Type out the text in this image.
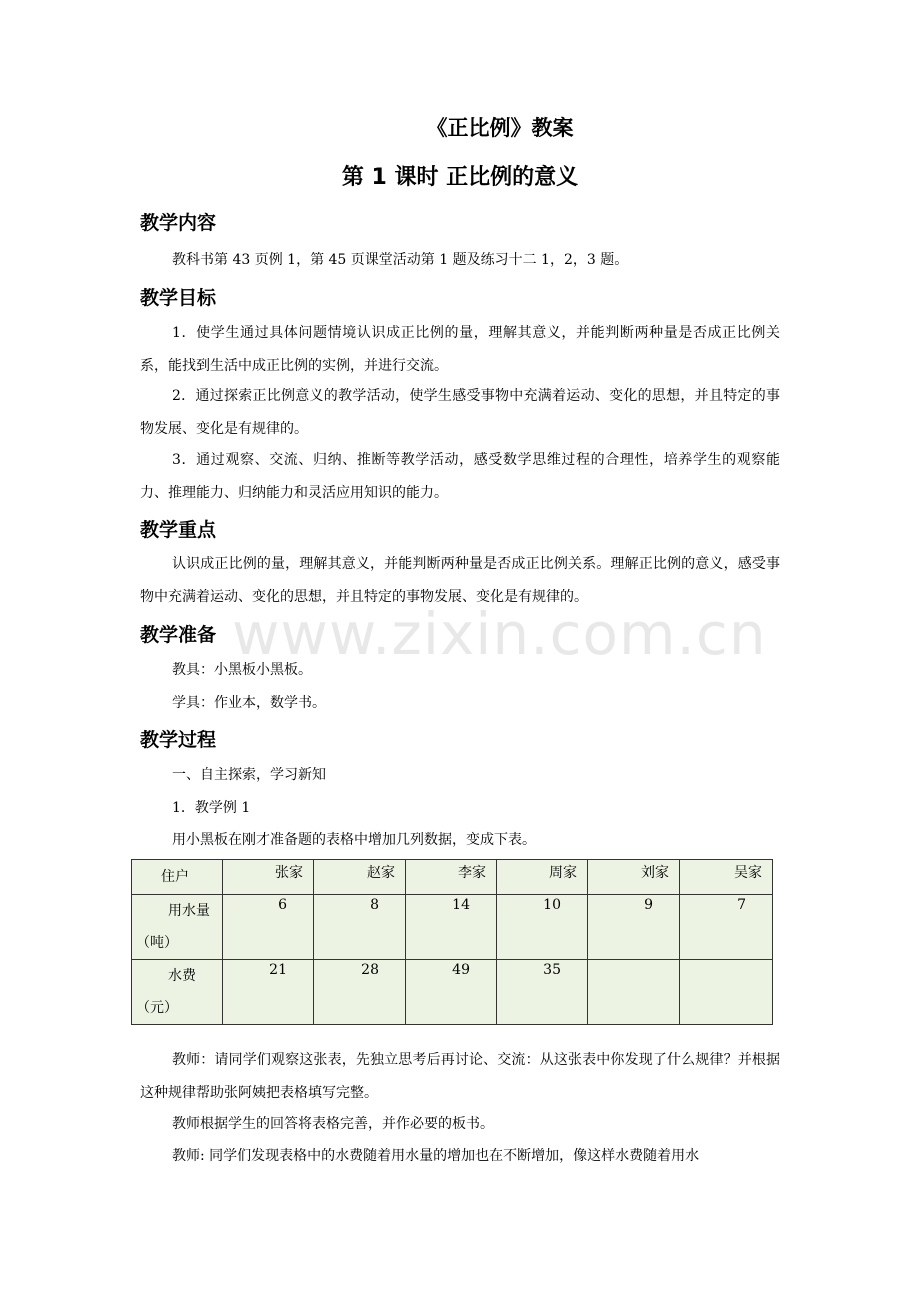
www.zixin.com.cn
《正比例》教案
第 1 课时 正比例的意义
教学内容
教科书第 43 页例 1，第 45 页课堂活动第 1 题及练习十二 1，2，3 题。
教学目标
1．使学生通过具体问题情境认识成正比例的量，理解其意义，并能判断两种量是否成正比例关系，能找到生活中成正比例的实例，并进行交流。
2．通过探索正比例意义的教学活动，使学生感受事物中充满着运动、变化的思想，并且特定的事物发展、变化是有规律的。
3．通过观察、交流、归纳、推断等教学活动，感受数学思维过程的合理性，培养学生的观察能力、推理能力、归纳能力和灵活应用知识的能力。
教学重点
认识成正比例的量，理解其意义，并能判断两种量是否成正比例关系。理解正比例的意义，感受事物中充满着运动、变化的思想，并且特定的事物发展、变化是有规律的。
教学准备
教具：小黑板小黑板。
学具：作业本，数学书。
教学过程
一、自主探索，学习新知
1．教学例 1
用小黑板在刚才准备题的表格中增加几列数据，变成下表。
住户	张家	赵家	李家	周家	刘家	吴家
用水量（吨）	6	8	14	10	9	7
水费（元）	21	28	49	35		
教师：请同学们观察这张表，先独立思考后再讨论、交流：从这张表中你发现了什么规律？并根据这种规律帮助张阿姨把表格填写完整。
教师根据学生的回答将表格完善，并作必要的板书。
教师: 同学们发现表格中的水费随着用水量的增加也在不断增加，像这样水费随着用水
